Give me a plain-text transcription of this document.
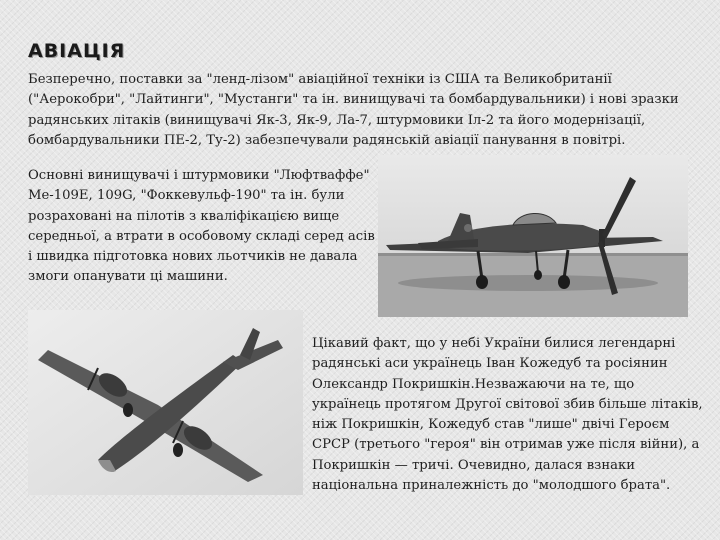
АВІАЦІЯ
Безперечно, поставки за "ленд-лізом" авіаційної техніки із США та Великобританії ("Аерокобри", "Лайтинги", "Мустанги" та ін. винищувачі та бомбардувальники) і нові зразки радянських літаків (винищувачі Як-3, Як-9, Ла-7, штурмовики Іл-2 та його модернізації, бомбардувальники ПЕ-2, Ту-2) забезпечували радянській авіації панування в повітрі.
Основні винищувачі і штурмовики "Люфтваффе" Ме-109Е, 109G, "Фоккевульф-190" та ін. були розраховані на пілотів з кваліфікацією вище середньої, а втрати в особовому складі серед асів і швидка підготовка нових льотчиків не давала змоги опанувати ці машини.
Цікавий факт, що у небі України билися легендарні радянські аси українець Іван Кожедуб та росіянин Олександр Покришкін.Незважаючи на те, що українець протягом Другої світової збив більше літаків, ніж Покришкін, Кожедуб став "лише" двічі Героєм СРСР (третього "героя" він отримав уже після війни), а Покришкін — тричі. Очевидно, далася взнаки національна приналежність до "молодшого брата".
